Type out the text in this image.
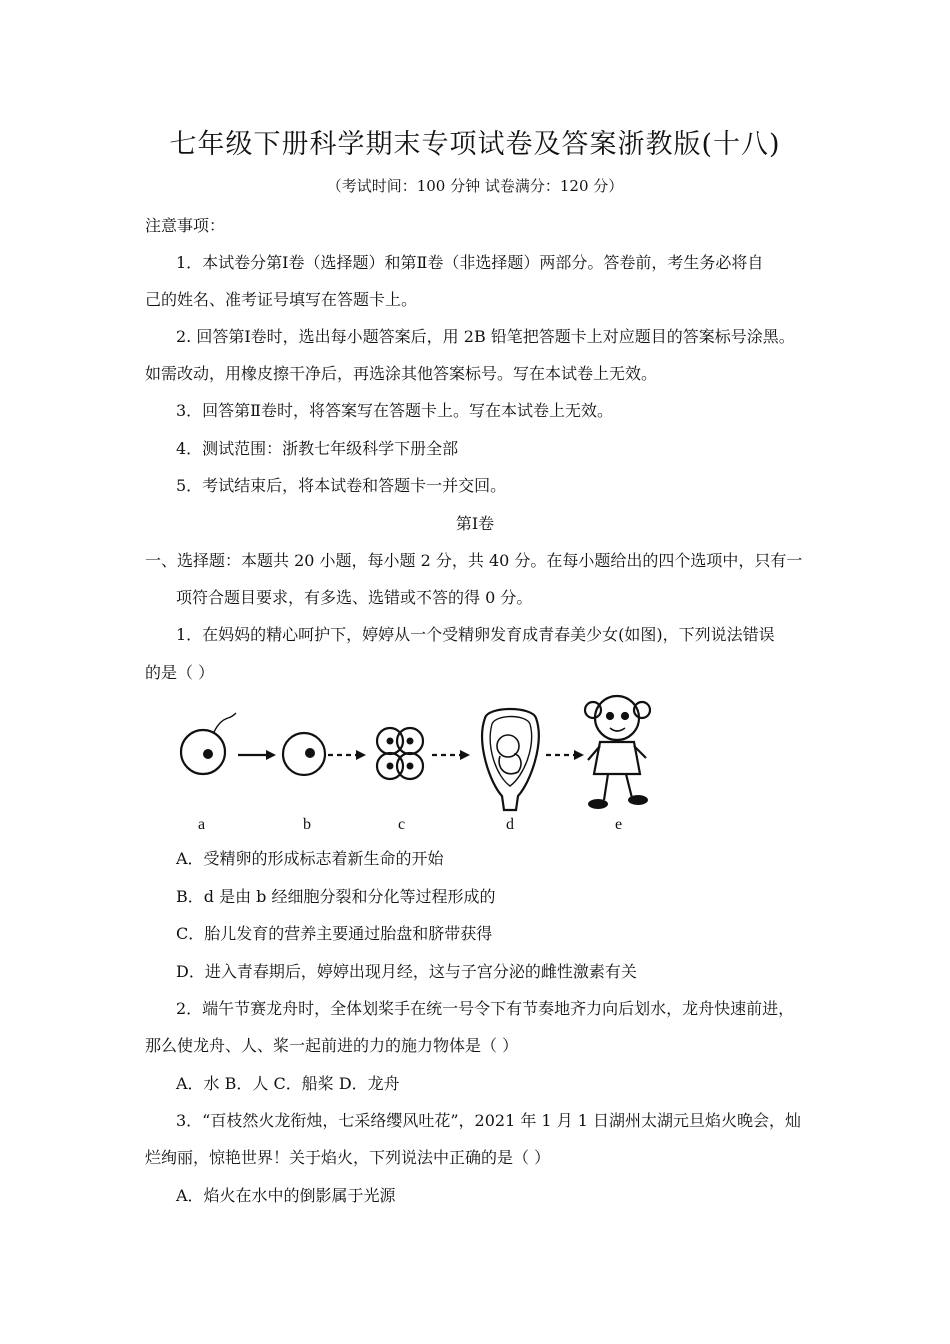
七年级下册科学期末专项试卷及答案浙教版(十八)
（考试时间：100 分钟 试卷满分：120 分）
注意事项：
1．本试卷分第Ⅰ卷（选择题）和第Ⅱ卷（非选择题）两部分。答卷前，考生务必将自
己的姓名、准考证号填写在答题卡上。
2. 回答第Ⅰ卷时，选出每小题答案后，用 2B 铅笔把答题卡上对应题目的答案标号涂黑。
如需改动，用橡皮擦干净后，再选涂其他答案标号。写在本试卷上无效。
3．回答第Ⅱ卷时，将答案写在答题卡上。写在本试卷上无效。
4．测试范围：浙教七年级科学下册全部
5．考试结束后，将本试卷和答题卡一并交回。
第Ⅰ卷
一、选择题：本题共 20 小题，每小题 2 分，共 40 分。在每小题给出的四个选项中，只有一
项符合题目要求，有多选、选错或不答的得 0 分。
1．在妈妈的精心呵护下，婷婷从一个受精卵发育成青春美少女(如图)，下列说法错误
的是（ ）
a	b	c	d	e
A．受精卵的形成标志着新生命的开始
B．d 是由 b 经细胞分裂和分化等过程形成的
C．胎儿发育的营养主要通过胎盘和脐带获得
D．进入青春期后，婷婷出现月经，这与子宫分泌的雌性激素有关
2．端午节赛龙舟时，全体划桨手在统一号令下有节奏地齐力向后划水，龙舟快速前进，
那么使龙舟、人、桨一起前进的力的施力物体是（ ）
A．水 B．人 C．船桨 D．龙舟
3．“百枝然火龙衔烛，七采络缨风吐花”，2021 年 1 月 1 日湖州太湖元旦焰火晚会，灿
烂绚丽，惊艳世界！关于焰火，下列说法中正确的是（ ）
A．焰火在水中的倒影属于光源
